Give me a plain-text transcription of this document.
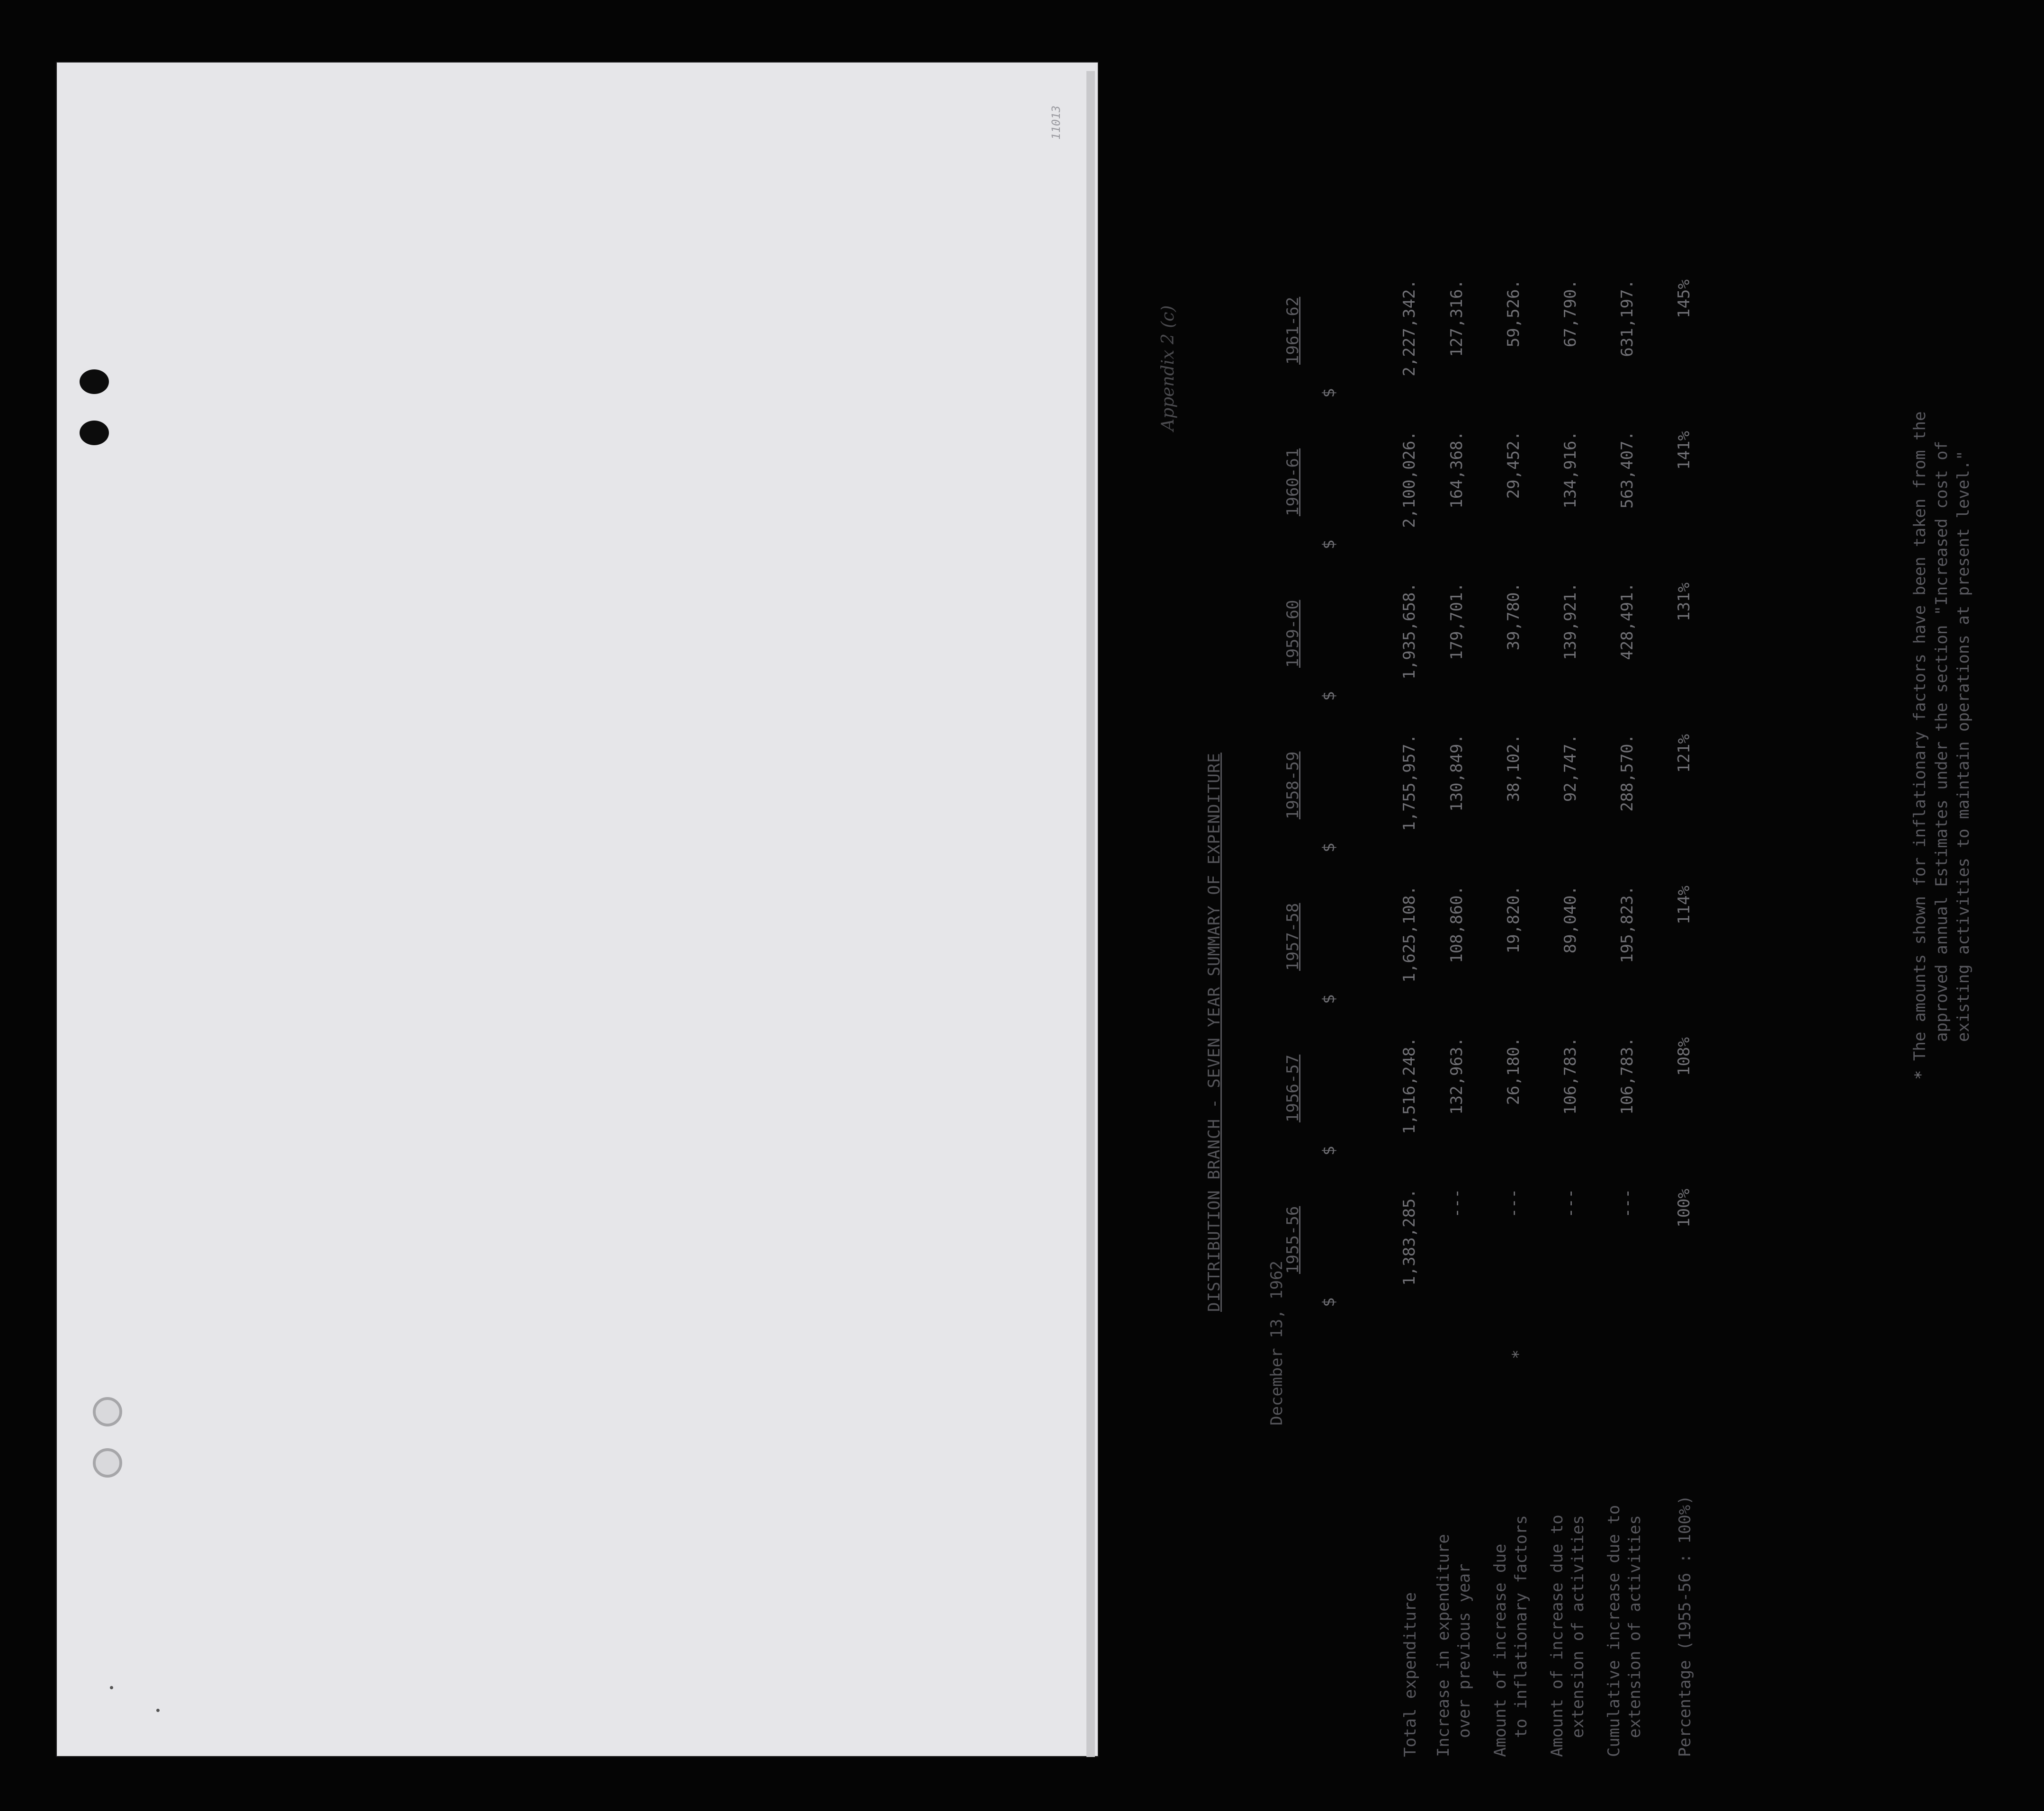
11013
Appendix 2 (c)
DISTRIBUTION BRANCH - SEVEN YEAR SUMMARY OF EXPENDITURE	1955-56
$
1956-57
$
1957-58
$
1958-59
$
1959-60
$
1960-61
$
1961-62
$
Total expenditure
1,383,285.
1,516,248.
1,625,108.
1,755,957.
1,935,658.
2,100,026.
2,227,342.
Increase in expenditure over previous year
---
132,963.
108,860.
130,849.
179,701.
164,368.
127,316.
Amount of increase due to inflationary factors
*
---
26,180.
19,820.
38,102.
39,780.
29,452.
59,526.
Amount of increase due to extension of activities
---
106,783.
89,040.
92,747.
139,921.
134,916.
67,790.
Cumulative increase due to extension of activities
---
106,783.
195,823.
288,570.
428,491.
563,407.
631,197.
Percentage (1955-56 : 100%)
100%
108%
114%
121%
131%
141%
145%
*
The amounts shown for inflationary factors have been taken from the approved annual Estimates under the section "Increased cost of existing activities to maintain operations at present level."
December 13, 1962
